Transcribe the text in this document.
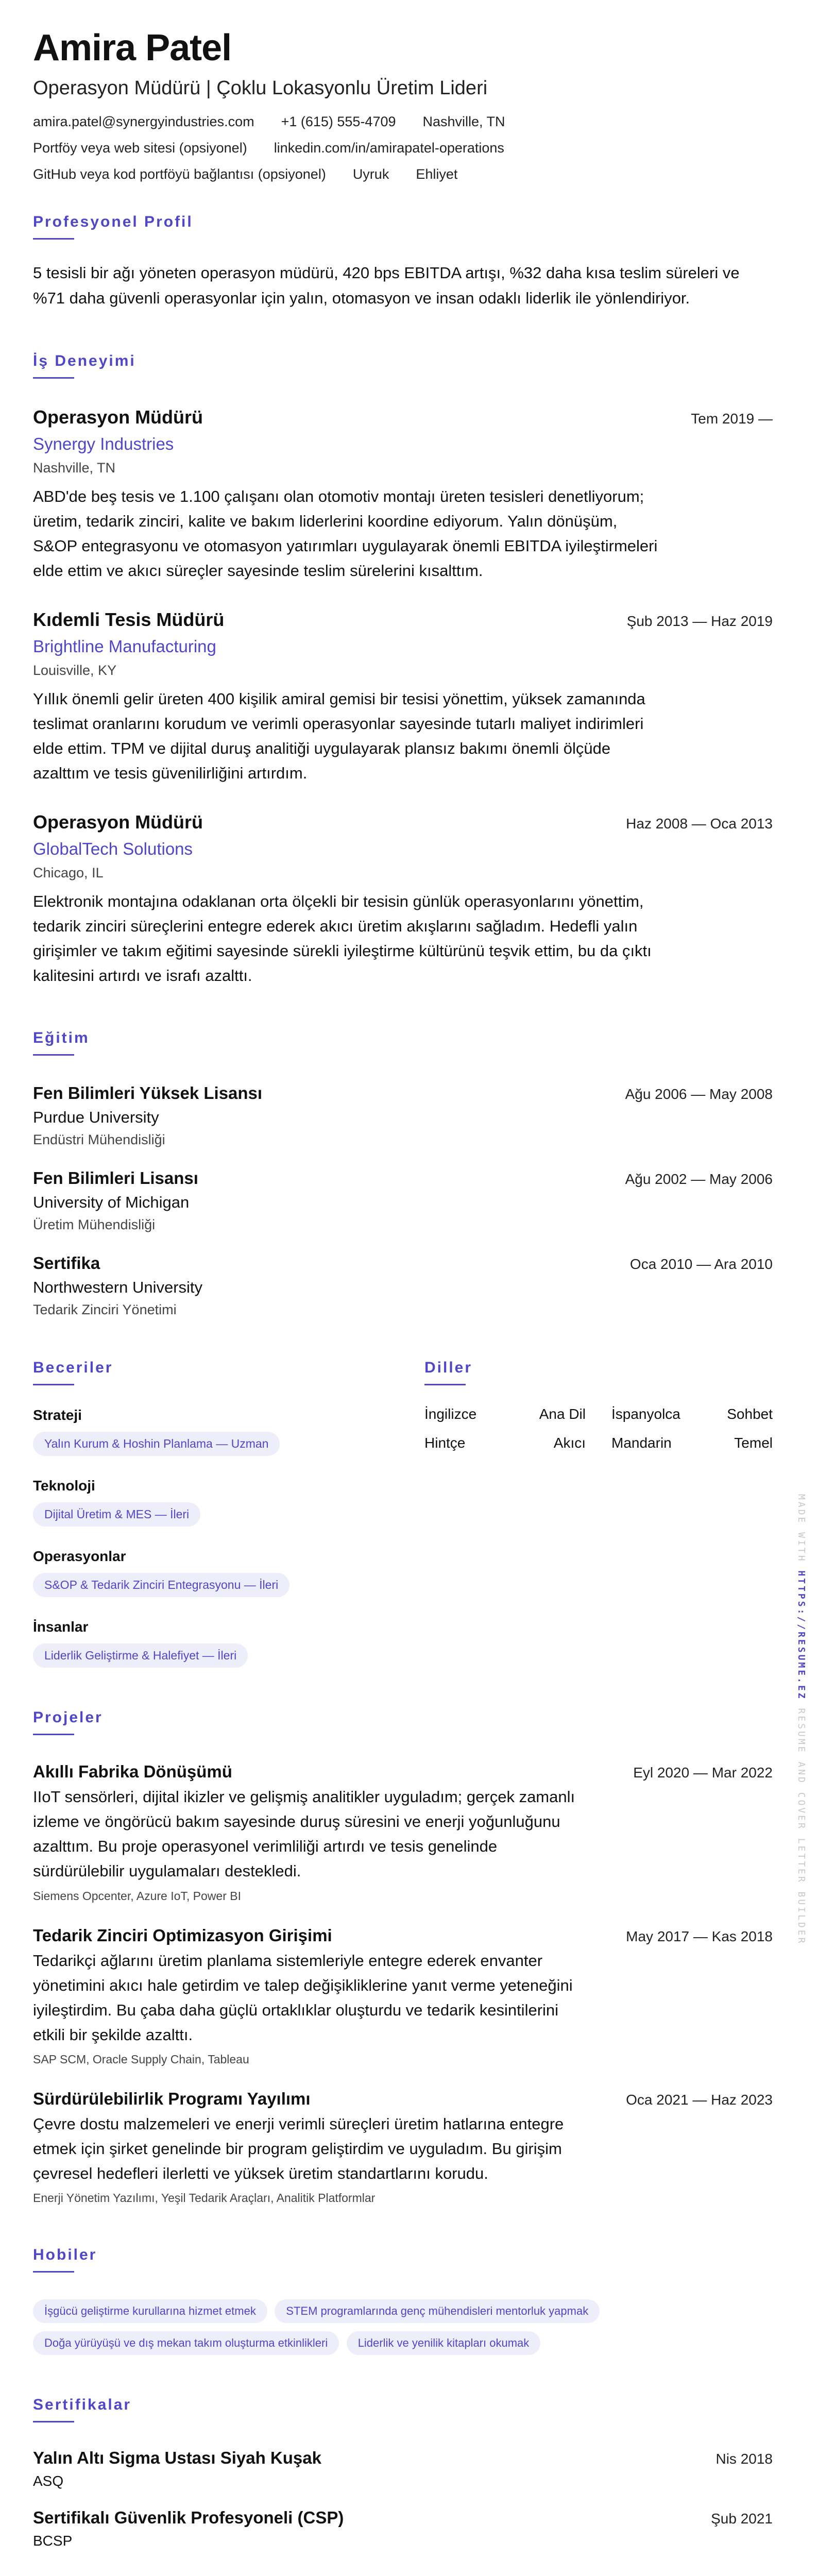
Amira Patel
Operasyon Müdürü | Çoklu Lokasyonlu Üretim Lideri
amira.patel@synergyindustries.com +1 (615) 555-4709 Nashville, TN
Portföy veya web sitesi (opsiyonel) linkedin.com/in/amirapatel-operations
GitHub veya kod portföyü bağlantısı (opsiyonel) Uyruk Ehliyet
Profesyonel Profil
5 tesisli bir ağı yöneten operasyon müdürü, 420 bps EBITDA artışı, %32 daha kısa teslim süreleri ve %71 daha güvenli operasyonlar için yalın, otomasyon ve insan odaklı liderlik ile yönlendiriyor.
İş Deneyimi
Operasyon Müdürü	Tem 2019 —
Synergy Industries
Nashville, TN
ABD'de beş tesis ve 1.100 çalışanı olan otomotiv montajı üreten tesisleri denetliyorum; üretim, tedarik zinciri, kalite ve bakım liderlerini koordine ediyorum. Yalın dönüşüm, S&OP entegrasyonu ve otomasyon yatırımları uygulayarak önemli EBITDA iyileştirmeleri elde ettim ve akıcı süreçler sayesinde teslim sürelerini kısalttım.
Kıdemli Tesis Müdürü	Şub 2013 — Haz 2019
Brightline Manufacturing
Louisville, KY
Yıllık önemli gelir üreten 400 kişilik amiral gemisi bir tesisi yönettim, yüksek zamanında teslimat oranlarını korudum ve verimli operasyonlar sayesinde tutarlı maliyet indirimleri elde ettim. TPM ve dijital duruş analitiği uygulayarak plansız bakımı önemli ölçüde azalttım ve tesis güvenilirliğini artırdım.
Operasyon Müdürü	Haz 2008 — Oca 2013
GlobalTech Solutions
Chicago, IL
Elektronik montajına odaklanan orta ölçekli bir tesisin günlük operasyonlarını yönettim, tedarik zinciri süreçlerini entegre ederek akıcı üretim akışlarını sağladım. Hedefli yalın girişimler ve takım eğitimi sayesinde sürekli iyileştirme kültürünü teşvik ettim, bu da çıktı kalitesini artırdı ve israfı azalttı.
Eğitim
Fen Bilimleri Yüksek Lisansı	Ağu 2006 — May 2008
Purdue University
Endüstri Mühendisliği
Fen Bilimleri Lisansı	Ağu 2002 — May 2006
University of Michigan
Üretim Mühendisliği
Sertifika	Oca 2010 — Ara 2010
Northwestern University
Tedarik Zinciri Yönetimi
Beceriler
Strateji
Yalın Kurum & Hoshin Planlama — Uzman
Teknoloji
Dijital Üretim & MES — İleri
Operasyonlar
S&OP & Tedarik Zinciri Entegrasyonu — İleri
İnsanlar
Liderlik Geliştirme & Halefiyet — İleri
Diller
İngilizce	Ana Dil İspanyolca	Sohbet
Hintçe	Akıcı Mandarin	Temel
Projeler
Akıllı Fabrika Dönüşümü	Eyl 2020 — Mar 2022
IIoT sensörleri, dijital ikizler ve gelişmiş analitikler uyguladım; gerçek zamanlı izleme ve öngörücü bakım sayesinde duruş süresini ve enerji yoğunluğunu azalttım. Bu proje operasyonel verimliliği artırdı ve tesis genelinde sürdürülebilir uygulamaları destekledi.
Siemens Opcenter, Azure IoT, Power BI
Tedarik Zinciri Optimizasyon Girişimi	May 2017 — Kas 2018
Tedarikçi ağlarını üretim planlama sistemleriyle entegre ederek envanter yönetimini akıcı hale getirdim ve talep değişikliklerine yanıt verme yeteneğini iyileştirdim. Bu çaba daha güçlü ortaklıklar oluşturdu ve tedarik kesintilerini etkili bir şekilde azalttı.
SAP SCM, Oracle Supply Chain, Tableau
Sürdürülebilirlik Programı Yayılımı	Oca 2021 — Haz 2023
Çevre dostu malzemeleri ve enerji verimli süreçleri üretim hatlarına entegre etmek için şirket genelinde bir program geliştirdim ve uyguladım. Bu girişim çevresel hedefleri ilerletti ve yüksek üretim standartlarını korudu.
Enerji Yönetim Yazılımı, Yeşil Tedarik Araçları, Analitik Platformlar
Hobiler
İşgücü geliştirme kurullarına hizmet etmek	STEM programlarında genç mühendisleri mentorluk yapmak
Doğa yürüyüşü ve dış mekan takım oluşturma etkinlikleri	Liderlik ve yenilik kitapları okumak
Sertifikalar
Yalın Altı Sigma Ustası Siyah Kuşak	Nis 2018
ASQ
Sertifikalı Güvenlik Profesyoneli (CSP)	Şub 2021
BCSP
MADE WITH HTTPS://RESUME.EZ RESUME AND COVER LETTER BUILDER
